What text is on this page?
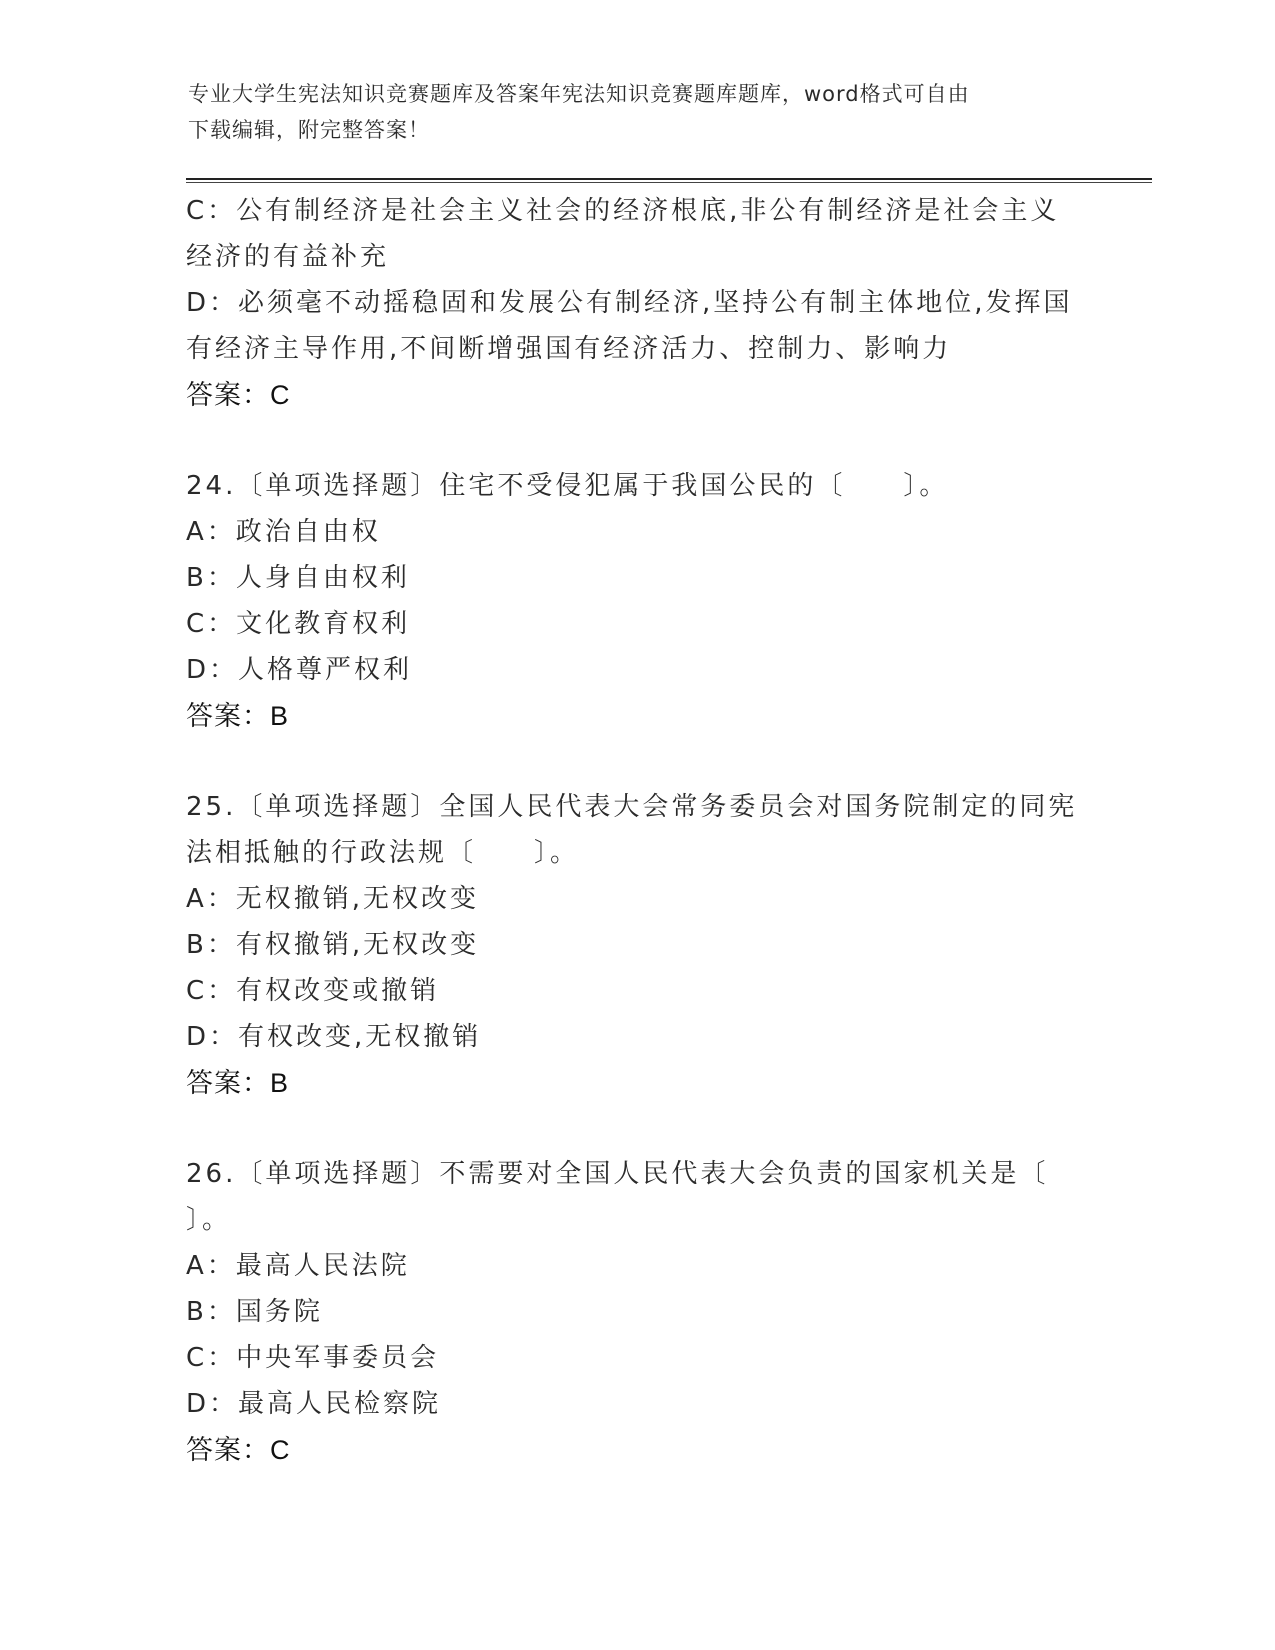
专业大学生宪法知识竞赛题库及答案年宪法知识竞赛题库题库，word格式可自由
下载编辑，附完整答案！
C：公有制经济是社会主义社会的经济根底,非公有制经济是社会主义
经济的有益补充
D：必须毫不动摇稳固和发展公有制经济,坚持公有制主体地位,发挥国
有经济主导作用,不间断增强国有经济活力、控制力、影响力
答案：C
24.〔单项选择题〕住宅不受侵犯属于我国公民的〔　　〕。
A：政治自由权
B：人身自由权利
C：文化教育权利
D：人格尊严权利
答案：B
25.〔单项选择题〕全国人民代表大会常务委员会对国务院制定的同宪
法相抵触的行政法规〔　　〕。
A：无权撤销,无权改变
B：有权撤销,无权改变
C：有权改变或撤销
D：有权改变,无权撤销
答案：B
26.〔单项选择题〕不需要对全国人民代表大会负责的国家机关是〔
〕。
A：最高人民法院
B：国务院
C：中央军事委员会
D：最高人民检察院
答案：C
